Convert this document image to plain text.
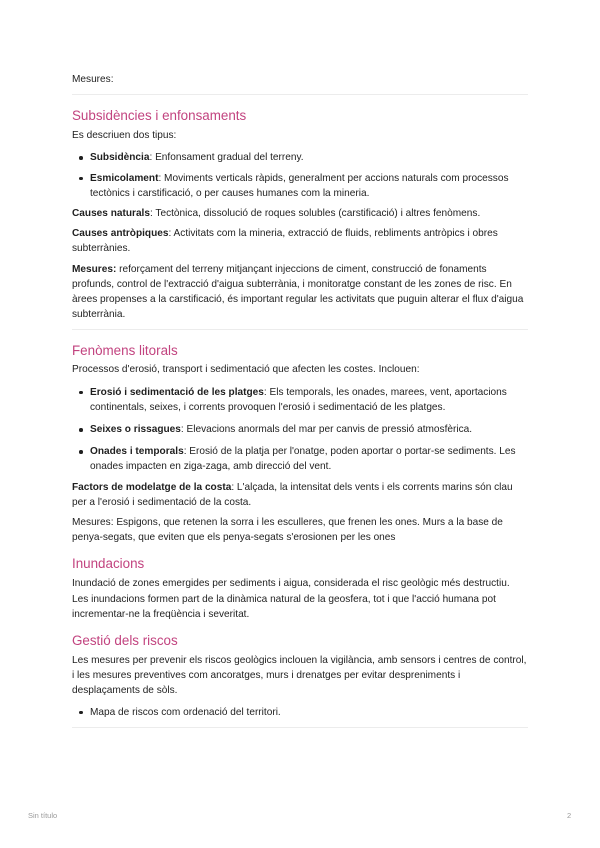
Mesures:

Subsidències i enfonsaments

Es descriuen dos tipus:

Subsidència: Enfonsament gradual del terreny.
Esmicolament: Moviments verticals ràpids, generalment per accions naturals com processos tectònics i carstificació, o per causes humanes com la mineria.

Causes naturals: Tectònica, dissolució de roques solubles (carstificació) i altres fenòmens.

Causes antròpiques: Activitats com la mineria, extracció de fluids, rebliments antròpics i obres subterrànies.

Mesures: reforçament del terreny mitjançant injeccions de ciment, construcció de fonaments profunds, control de l'extracció d'aigua subterrània, i monitoratge constant de les zones de risc. En àrees propenses a la carstificació, és important regular les activitats que puguin alterar el flux d'aigua subterrània.

Fenòmens litorals

Processos d'erosió, transport i sedimentació que afecten les costes. Inclouen:

Erosió i sedimentació de les platges: Els temporals, les onades, marees, vent, aportacions continentals, seixes, i corrents provoquen l'erosió i sedimentació de les platges.
Seixes o rissagues: Elevacions anormals del mar per canvis de pressió atmosfèrica.
Onades i temporals: Erosió de la platja per l'onatge, poden aportar o portar-se sediments. Les onades impacten en ziga-zaga, amb direcció del vent.

Factors de modelatge de la costa: L'alçada, la intensitat dels vents i els corrents marins són clau per a l'erosió i sedimentació de la costa.

Mesures: Espigons, que retenen la sorra i les esculleres, que frenen les ones. Murs a la base de penya-segats, que eviten que els penya-segats s'erosionen per les ones

Inundacions

Inundació de zones emergides per sediments i aigua, considerada el risc geològic més destructiu. Les inundacions formen part de la dinàmica natural de la geosfera, tot i que l'acció humana pot incrementar-ne la freqüència i severitat.

Gestió dels riscos

Les mesures per prevenir els riscos geològics inclouen la vigilància, amb sensors i centres de control, i les mesures preventives com ancoratges, murs i drenatges per evitar despreniments i desplaçaments de sòls.

Mapa de riscos com ordenació del territori.
Sin título	2
